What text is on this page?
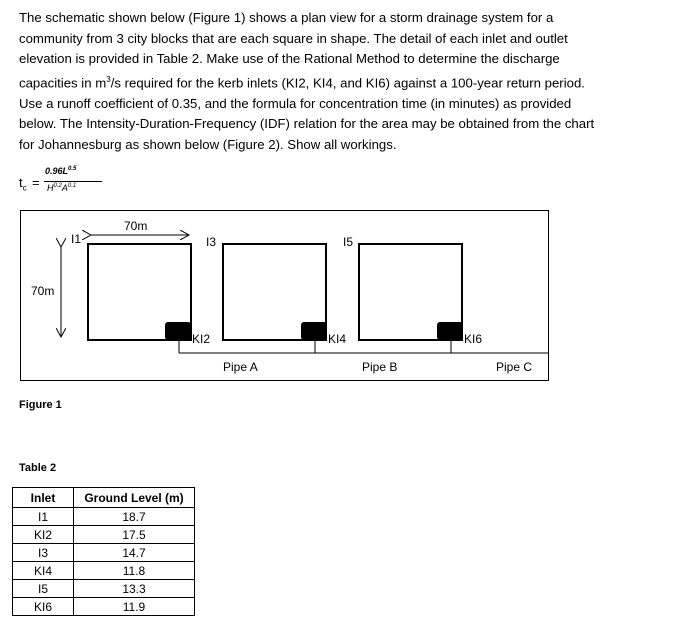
The schematic shown below (Figure 1) shows a plan view for a storm drainage system for a

community from 3 city blocks that are each square in shape. The detail of each inlet and outlet

elevation is provided in Table 2. Make use of the Rational Method to determine the discharge

capacities in $m^3/s$ required for the kerb inlets (KI2, KI4, and KI6) against a 100-year return period.

Use a runoff coefficient of 0.35, and the formula for concentration time (in minutes) as provided

below. The Intensity-Duration-Frequency (IDF) relation for the area may be obtained from the chart

for Johannesburg as shown below (Figure 2). Show all workings.

$t_c$ =
$0.96L^{0.5}$
$H^{0.2}A^{0.1}$
70m
70m
I1	I3	I5
KI2	KI4	KI6
Pipe A	Pipe B	Pipe C
Figure 1
Table 2
Inlet	Ground Level (m)
I1	18.7
KI2	17.5
I3	14.7
KI4	11.8
I5	13.3
KI6	11.9
